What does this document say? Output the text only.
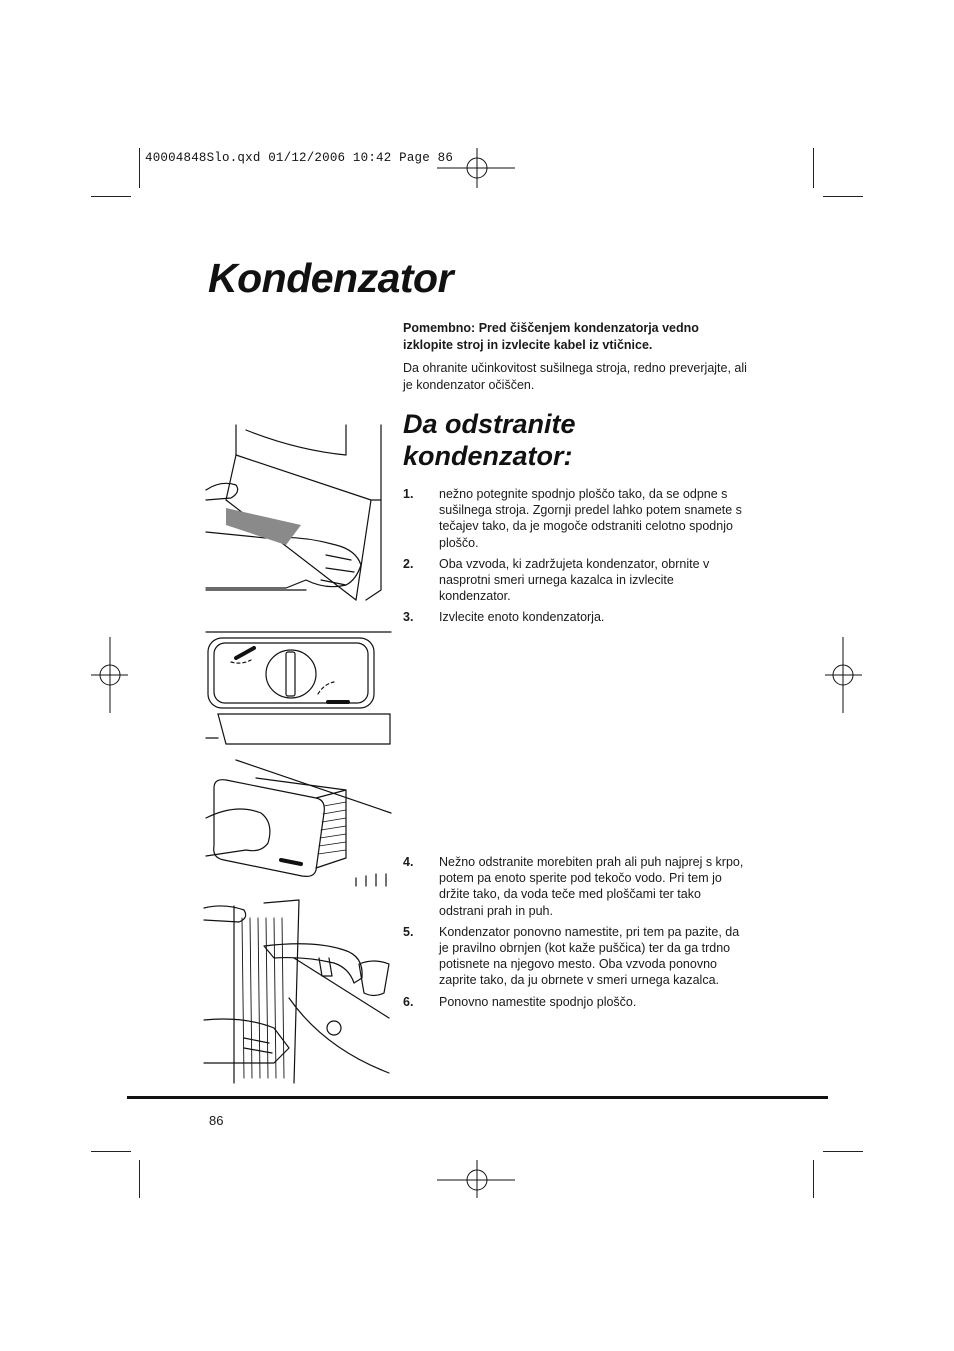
40004848Slo.qxd 01/12/2006 10:42 Page 86
Kondenzator

Pomembno: Pred čiščenjem kondenzatorja vedno izklopite stroj in izvlecite kabel iz vtičnice.

Da ohranite učinkovitost sušilnega stroja, redno preverjajte, ali je kondenzator očiščen.

Da odstranite
kondenzator:
1.	nežno potegnite spodnjo ploščo tako, da se odpne s sušilnega stroja. Zgornji predel lahko potem snamete s tečajev tako, da je mogoče odstraniti celotno spodnjo ploščo.
2.	Oba vzvoda, ki zadržujeta kondenzator, obrnite v nasprotni smeri urnega kazalca in izvlecite kondenzator.
3.	Izvlecite enoto kondenzatorja.
4.	Nežno odstranite morebiten prah ali puh najprej s krpo, potem pa enoto sperite pod tekočo vodo. Pri tem jo držite tako, da voda teče med ploščami ter tako odstrani prah in puh.
5.	Kondenzator ponovno namestite, pri tem pa pazite, da je pravilno obrnjen (kot kaže puščica) ter da ga trdno potisnete na njegovo mesto. Oba vzvoda ponovno zaprite tako, da ju obrnete v smeri urnega kazalca.
6.	Ponovno namestite spodnjo ploščo.
86
